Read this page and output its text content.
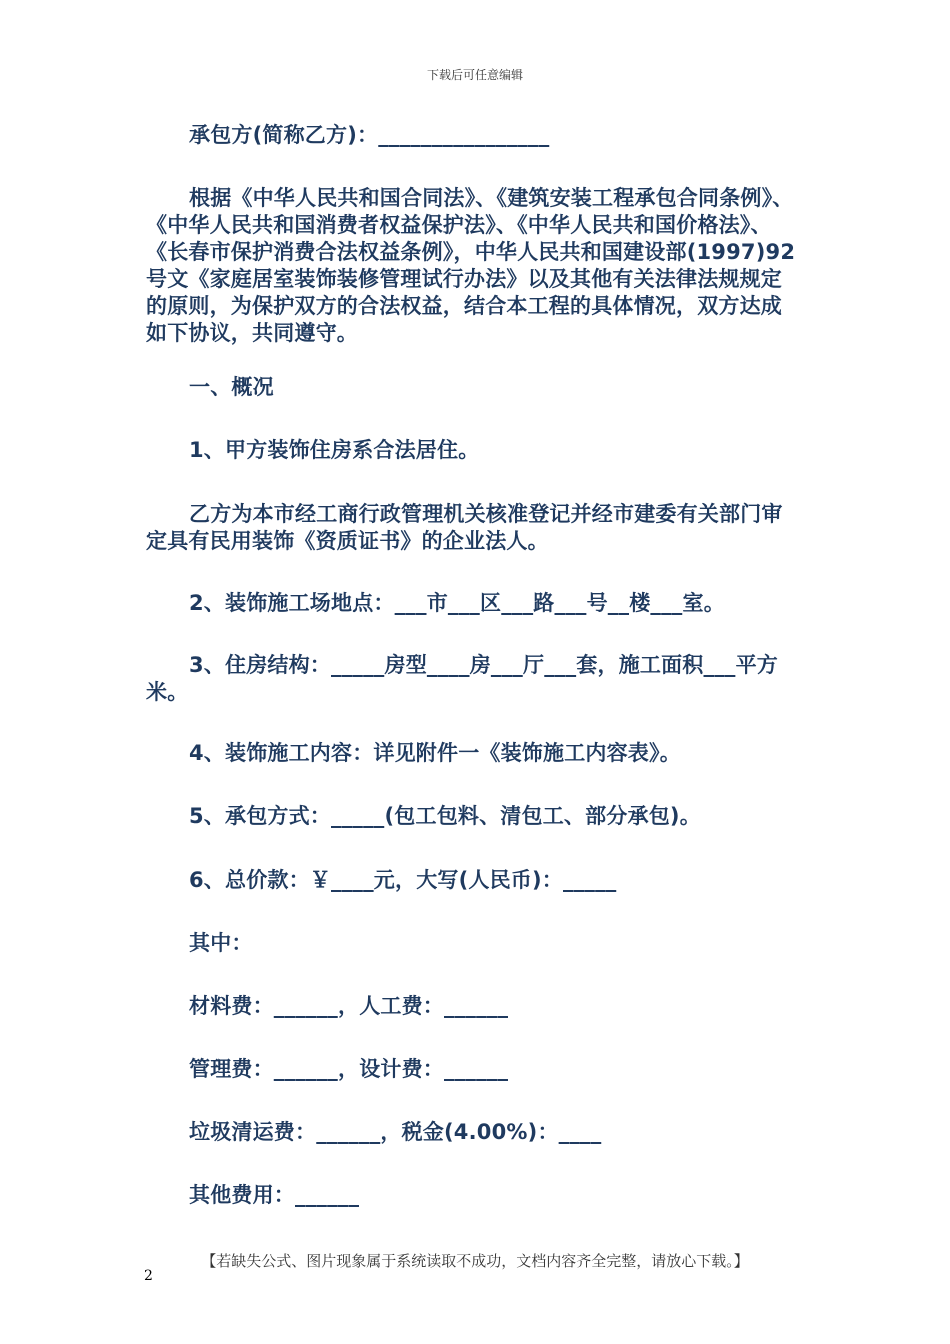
下载后可任意编辑

承包方(简称乙方)：________________

根据《中华人民共和国合同法》、《建筑安装工程承包合同条例》、《中华人民共和国消费者权益保护法》、《中华人民共和国价格法》、《长春市保护消费合法权益条例》，中华人民共和国建设部(1997)92号文《家庭居室装饰装修管理试行办法》以及其他有关法律法规规定的原则，为保护双方的合法权益，结合本工程的具体情况，双方达成如下协议，共同遵守。

一、概况

1、甲方装饰住房系合法居住。

乙方为本市经工商行政管理机关核准登记并经市建委有关部门审定具有民用装饰《资质证书》的企业法人。

2、装饰施工场地点：___市___区___路___号__楼___室。

3、住房结构：_____房型____房___厅___套，施工面积___平方米。

4、装饰施工内容：详见附件一《装饰施工内容表》。

5、承包方式：_____(包工包料、清包工、部分承包)。

6、总价款：￥____元，大写(人民币)：_____

其中：

材料费：______，人工费：______

管理费：______，设计费：______

垃圾清运费：______，税金(4.00%)：____

其他费用：______

【若缺失公式、图片现象属于系统读取不成功，文档内容齐全完整，请放心下载。】
2
